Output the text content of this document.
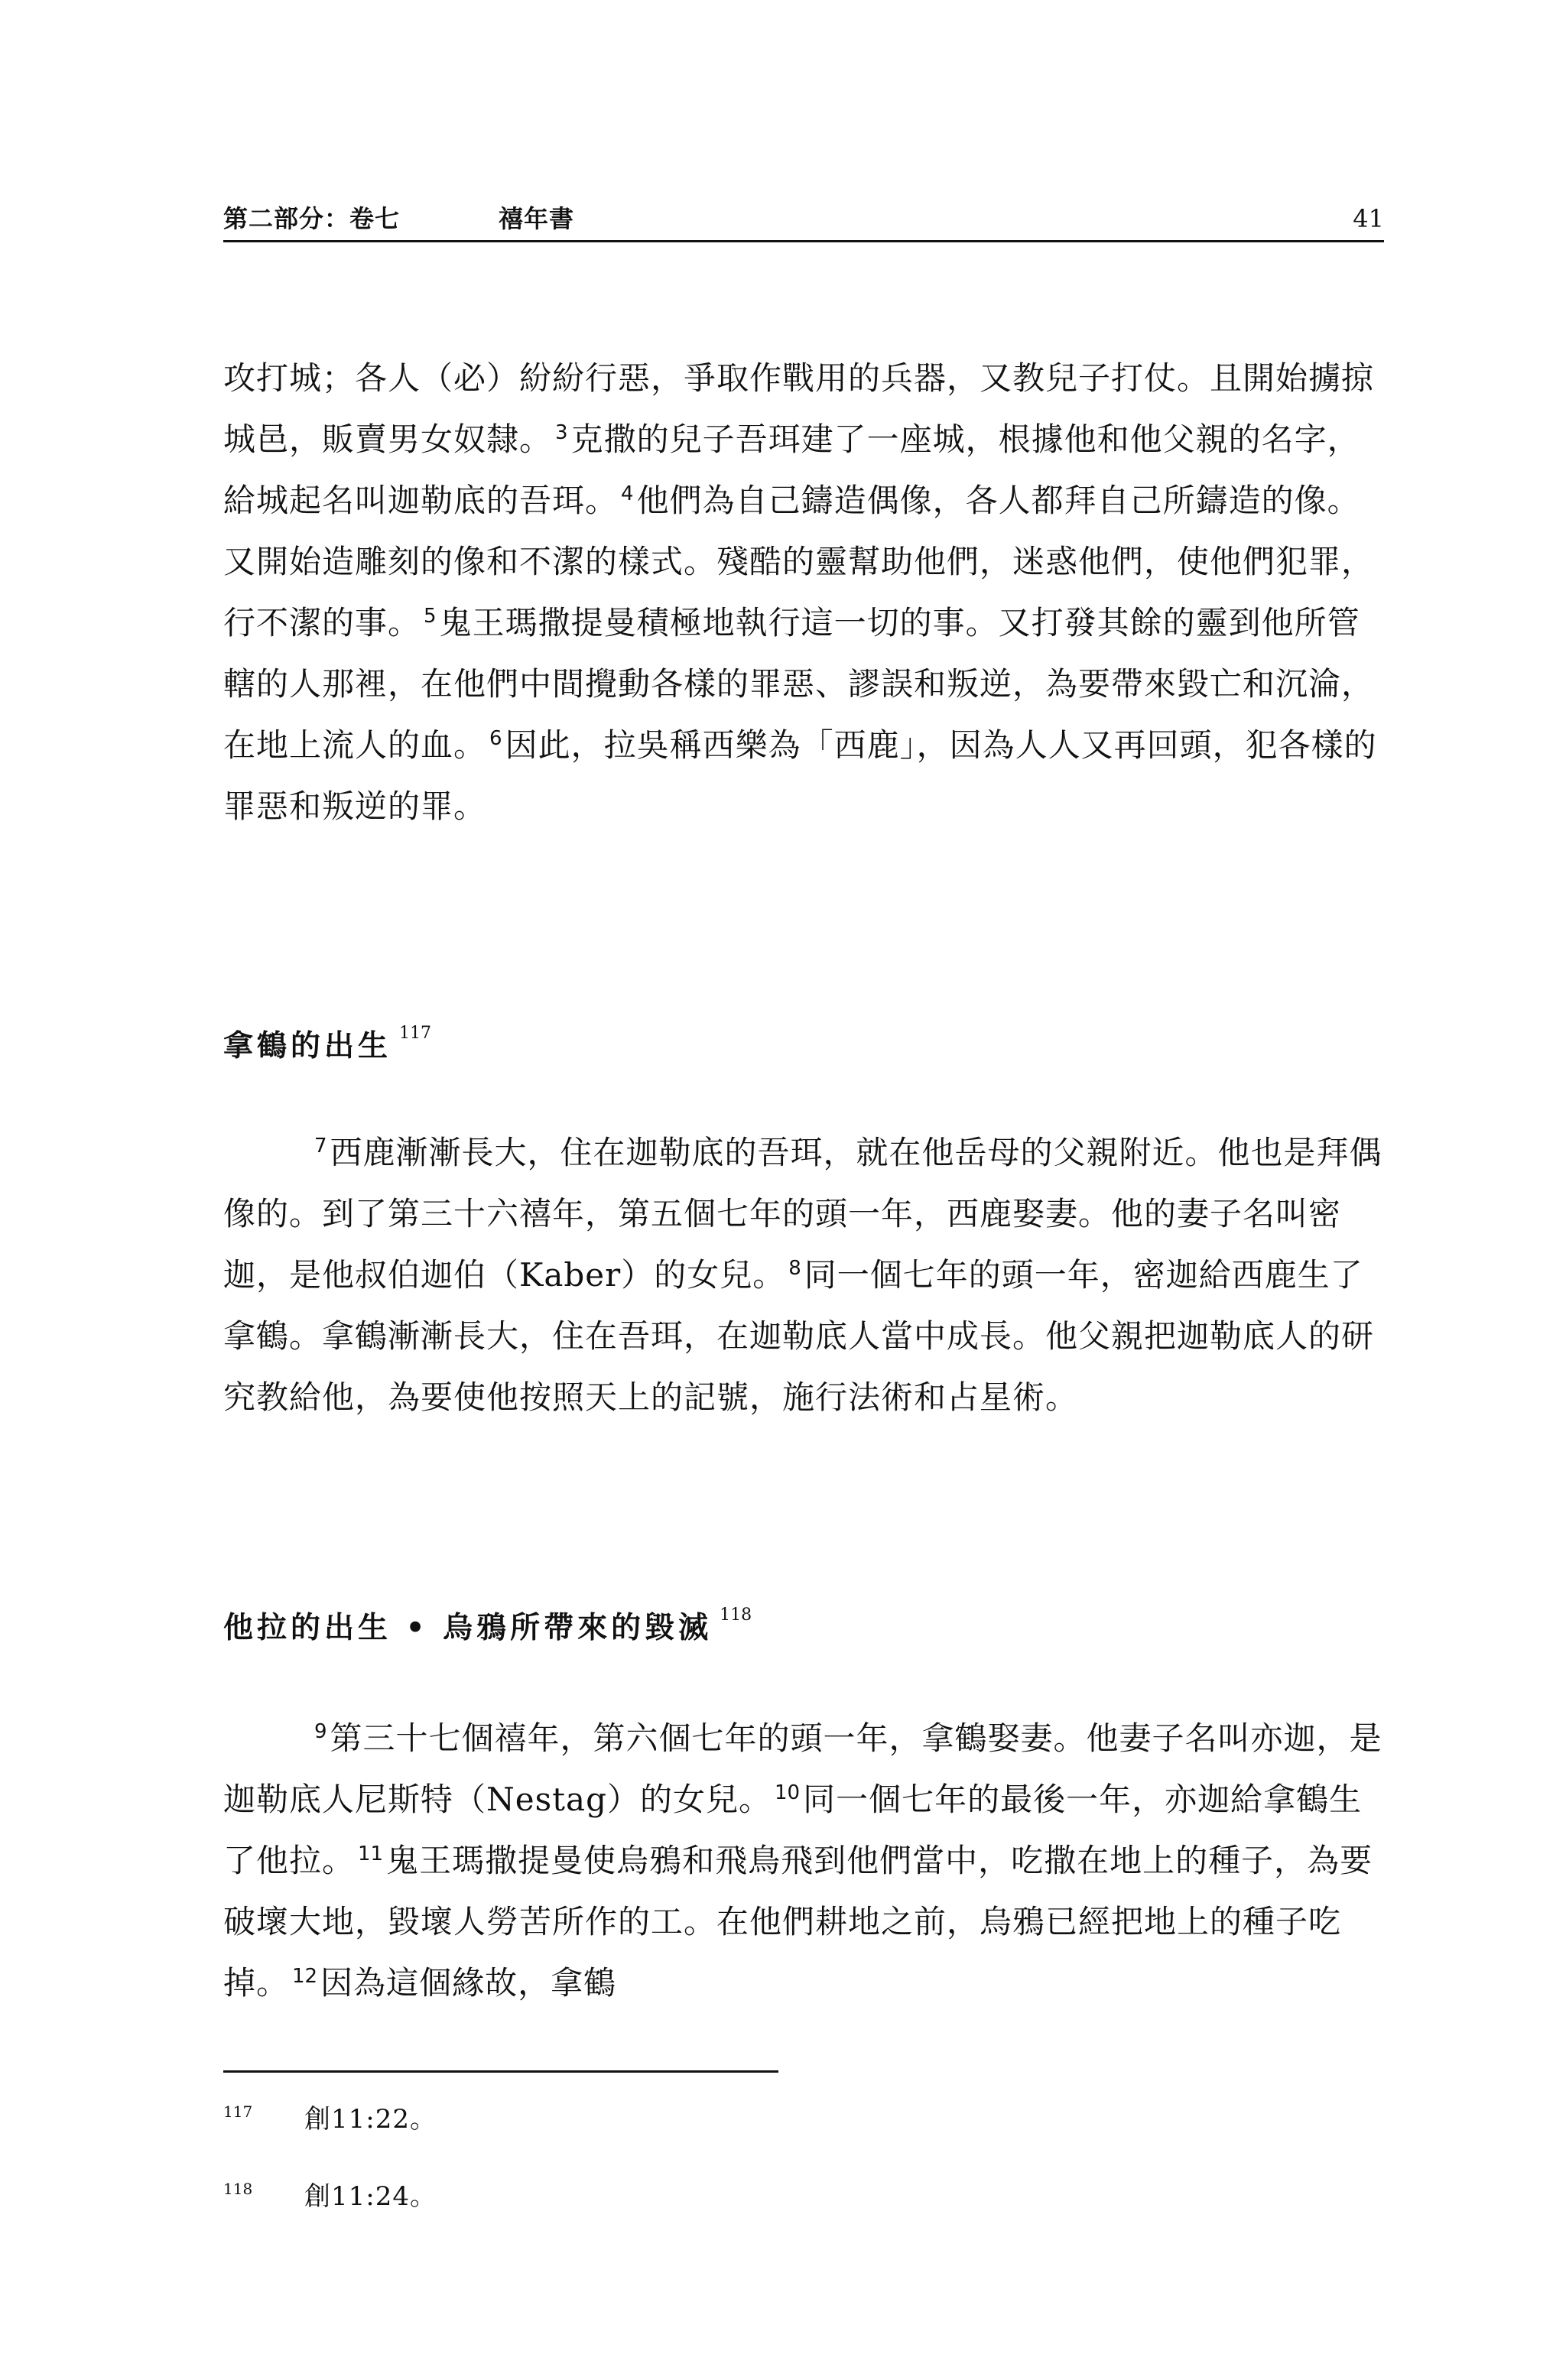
第二部分：卷七	禧年書	41

攻打城；各人（必）紛紛行惡，爭取作戰用的兵器，又教兒子打仗。且開始擄掠城邑，販賣男女奴隸。 $^3$克撒的兒子吾珥建了一座城，根據他和他父親的名字，給城起名叫迦勒底的吾珥。 $^4$他們為自己鑄造偶像，各人都拜自己所鑄造的像。又開始造雕刻的像和不潔的樣式。殘酷的靈幫助他們，迷惑他們，使他們犯罪，行不潔的事。 $^5$鬼王瑪撒提曼積極地執行這一切的事。又打發其餘的靈到他所管轄的人那裡，在他們中間攪動各樣的罪惡、謬誤和叛逆，為要帶來毀亡和沉淪，在地上流人的血。 $^6$因此，拉吳稱西樂為「西鹿」，因為人人又再回頭，犯各樣的罪惡和叛逆的罪。

拿鶴的出生 $^{117}$

$^7$西鹿漸漸長大，住在迦勒底的吾珥，就在他岳母的父親附近。他也是拜偶像的。到了第三十六禧年，第五個七年的頭一年，西鹿娶妻。他的妻子名叫密迦，是他叔伯迦伯（Kaber）的女兒。 $^8$同一個七年的頭一年，密迦給西鹿生了拿鶴。拿鶴漸漸長大，住在吾珥，在迦勒底人當中成長。他父親把迦勒底人的研究教給他，為要使他按照天上的記號，施行法術和占星術。

他拉的出生 • 烏鴉所帶來的毀滅 $^{118}$

$^9$第三十七個禧年，第六個七年的頭一年，拿鶴娶妻。他妻子名叫亦迦，是迦勒底人尼斯特（Nestag）的女兒。 $^{10}$同一個七年的最後一年，亦迦給拿鶴生了他拉。 $^{11}$鬼王瑪撒提曼使烏鴉和飛鳥飛到他們當中，吃撒在地上的種子，為要破壞大地，毀壞人勞苦所作的工。在他們耕地之前，烏鴉已經把地上的種子吃掉。 $^{12}$因為這個緣故，拿鶴

117 創11:22。
118 創11:24。
